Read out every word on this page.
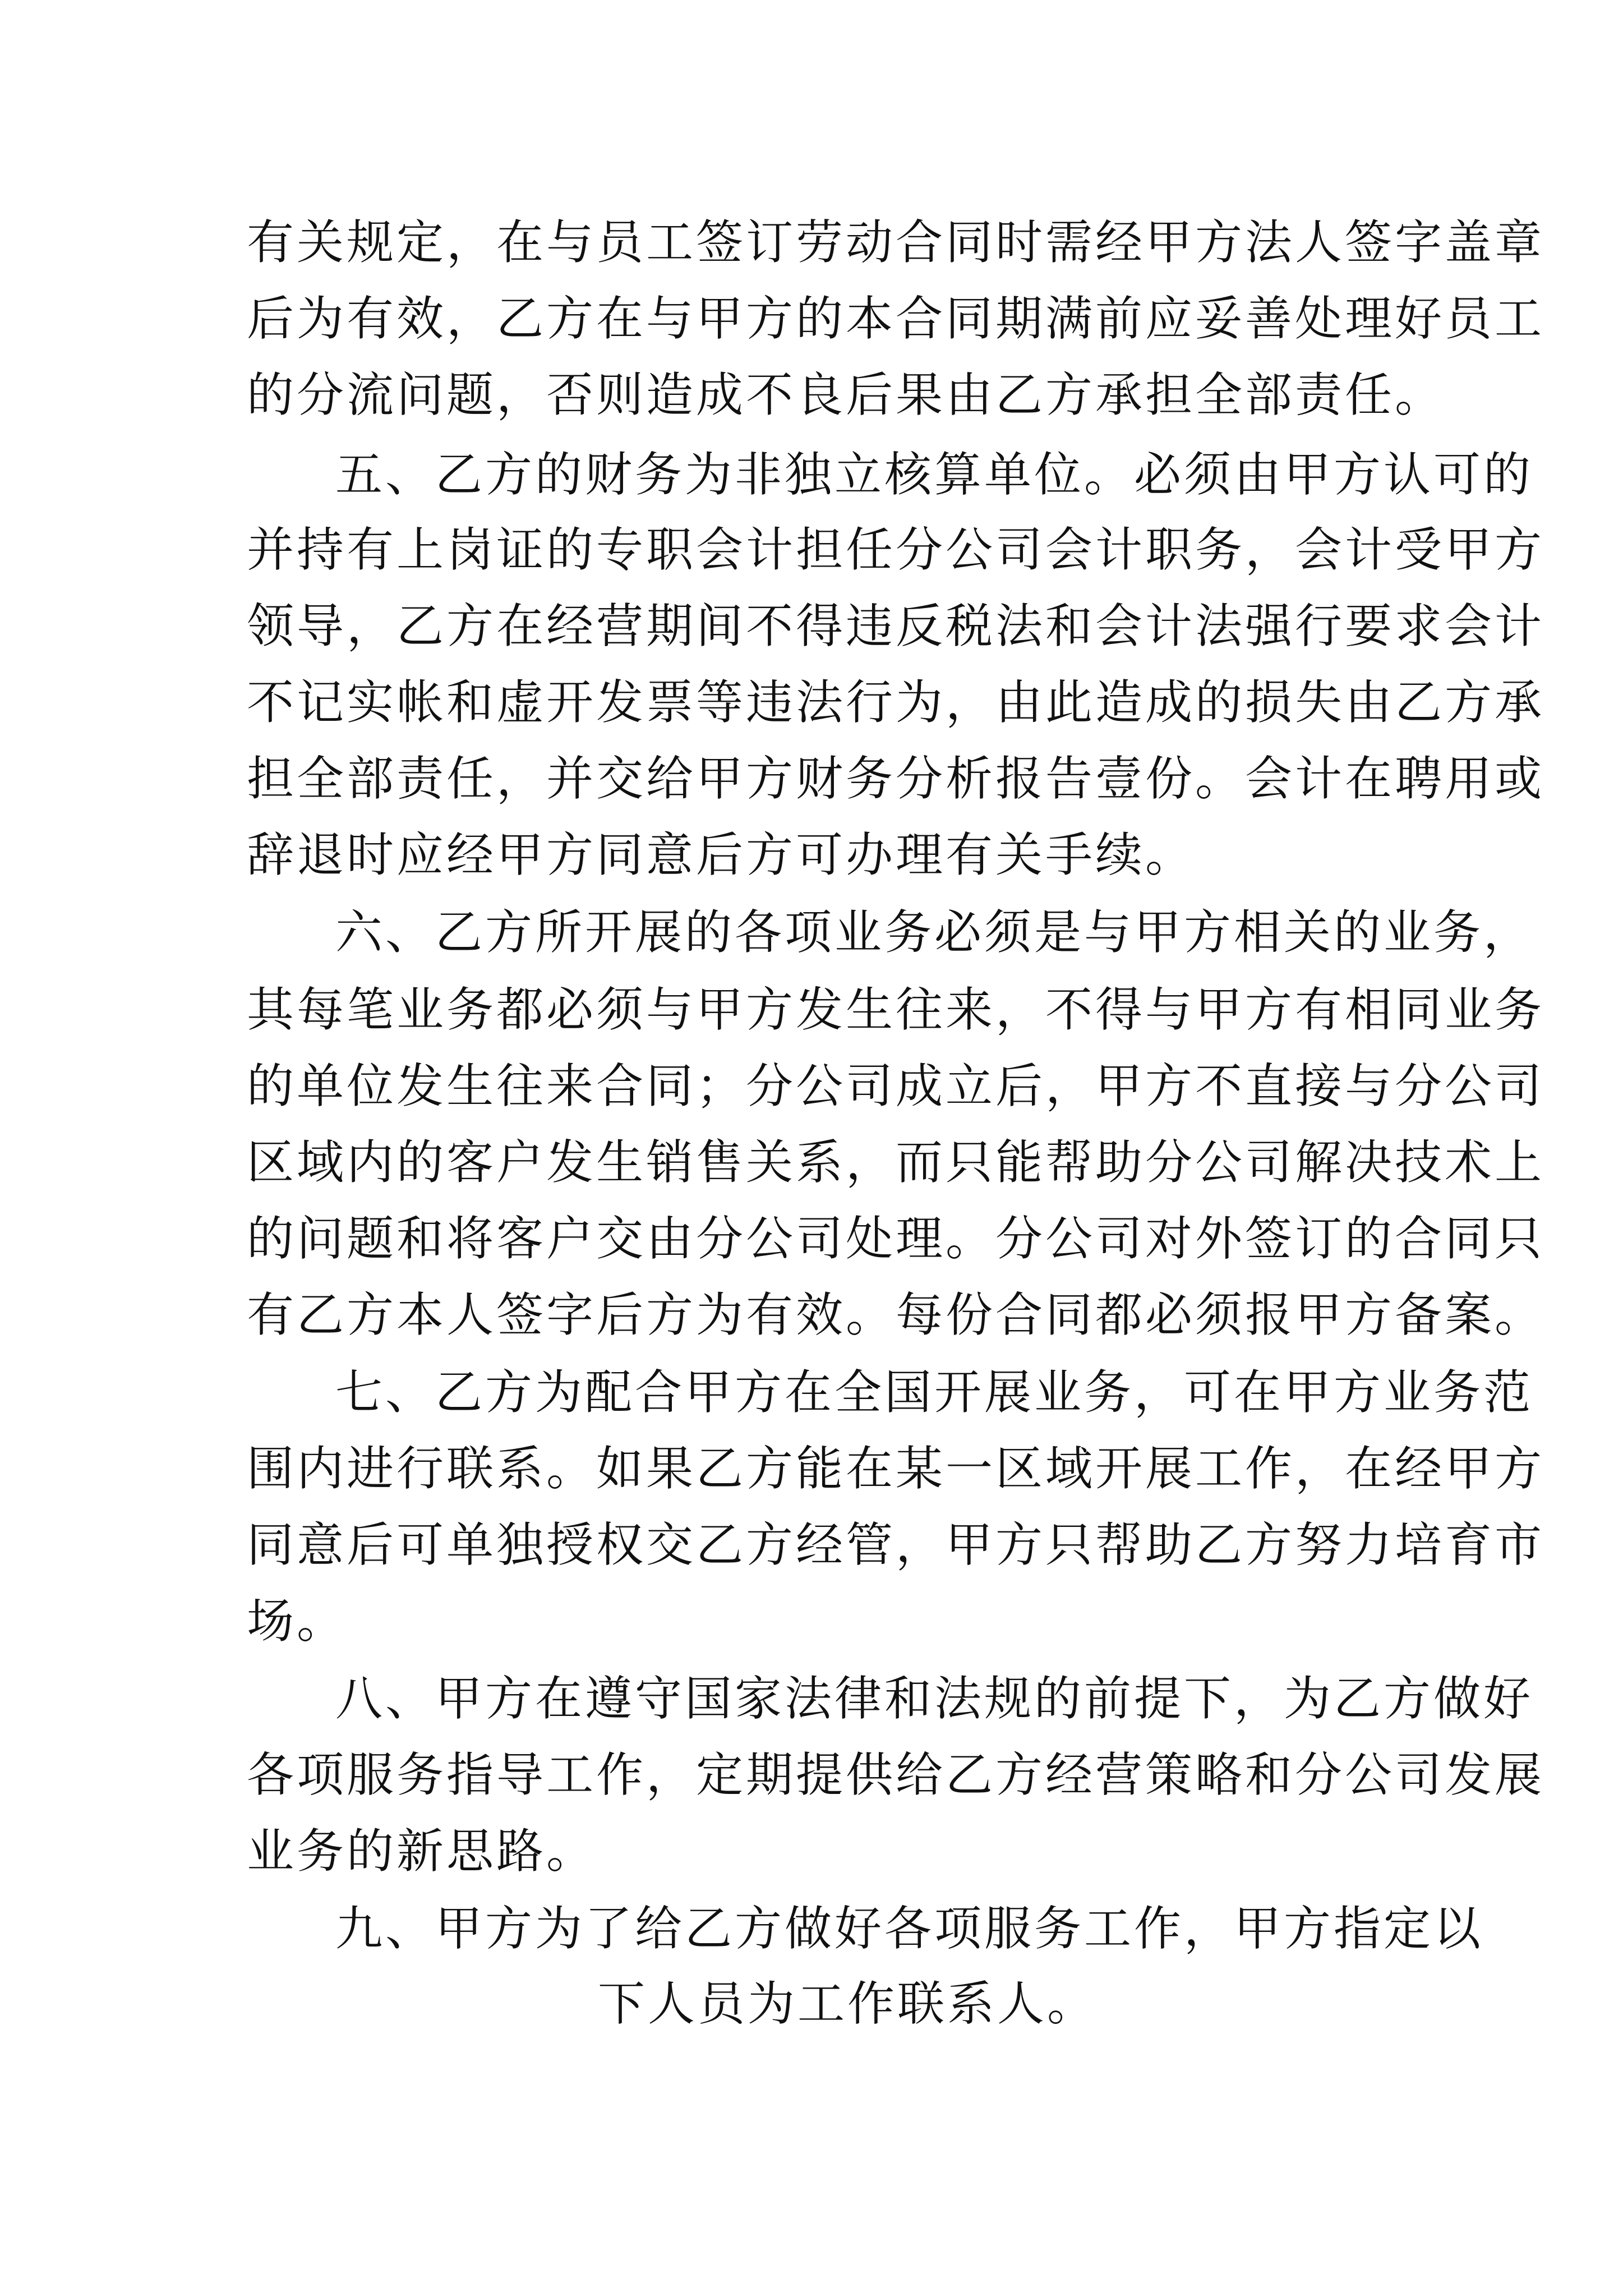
有关规定，在与员工签订劳动合同时需经甲方法人签字盖章

后为有效，乙方在与甲方的本合同期满前应妥善处理好员工

的分流问题，否则造成不良后果由乙方承担全部责任。

五、乙方的财务为非独立核算单位。必须由甲方认可的

并持有上岗证的专职会计担任分公司会计职务，会计受甲方

领导，乙方在经营期间不得违反税法和会计法强行要求会计

不记实帐和虚开发票等违法行为，由此造成的损失由乙方承

担全部责任，并交给甲方财务分析报告壹份。会计在聘用或

辞退时应经甲方同意后方可办理有关手续。

六、乙方所开展的各项业务必须是与甲方相关的业务，

其每笔业务都必须与甲方发生往来，不得与甲方有相同业务

的单位发生往来合同；分公司成立后，甲方不直接与分公司

区域内的客户发生销售关系，而只能帮助分公司解决技术上

的问题和将客户交由分公司处理。分公司对外签订的合同只

有乙方本人签字后方为有效。每份合同都必须报甲方备案。

七、乙方为配合甲方在全国开展业务，可在甲方业务范

围内进行联系。如果乙方能在某一区域开展工作，在经甲方

同意后可单独授权交乙方经管，甲方只帮助乙方努力培育市

场。

八、甲方在遵守国家法律和法规的前提下，为乙方做好

各项服务指导工作，定期提供给乙方经营策略和分公司发展

业务的新思路。

九、甲方为了给乙方做好各项服务工作，甲方指定以

下人员为工作联系人。
